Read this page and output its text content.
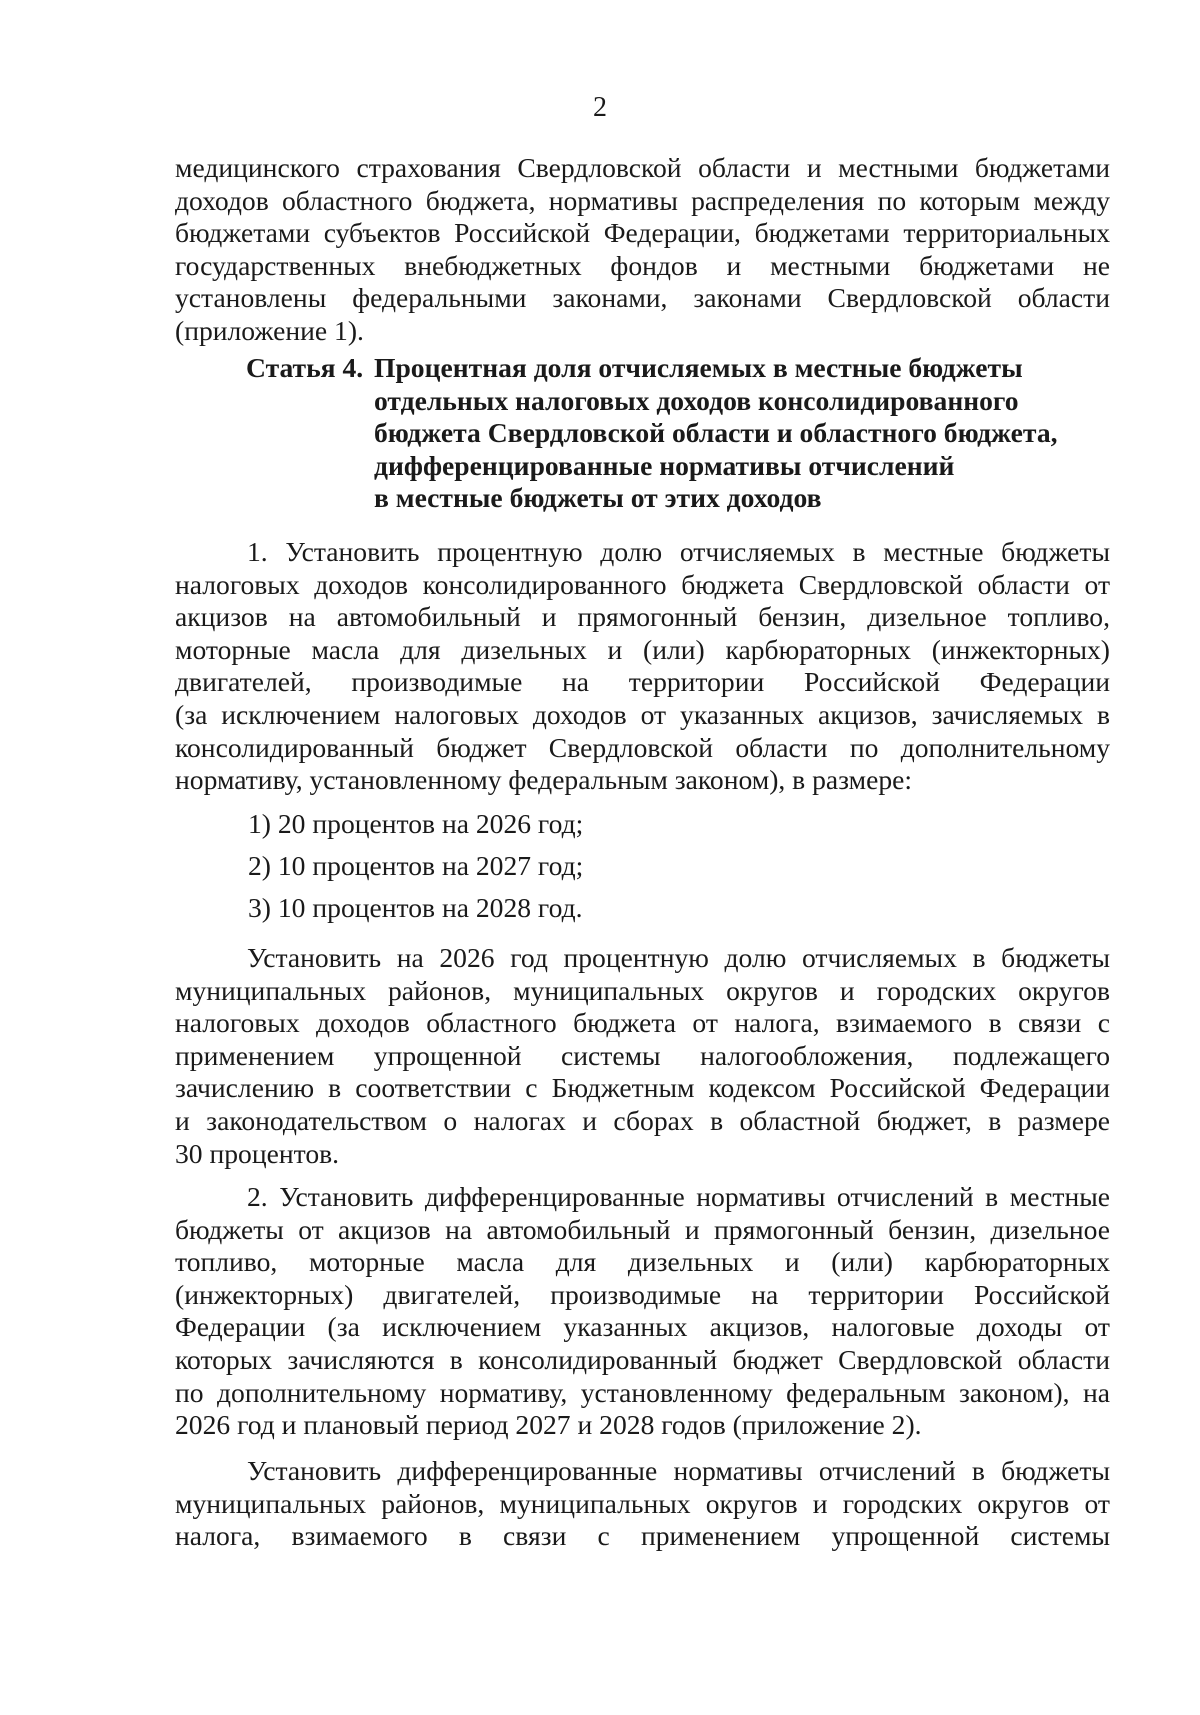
2
медицинского страхования Свердловской области и местными бюджетами
доходов областного бюджета, нормативы распределения по которым между
бюджетами субъектов Российской Федерации, бюджетами территориальных
государственных внебюджетных фондов и местными бюджетами не
установлены федеральными законами, законами Свердловской области
(приложение 1).
Статья 4. Процентная доля отчисляемых в местные бюджеты
отдельных налоговых доходов консолидированного
бюджета Свердловской области и областного бюджета,
дифференцированные нормативы отчислений
в местные бюджеты от этих доходов
1. Установить процентную долю отчисляемых в местные бюджеты
налоговых доходов консолидированного бюджета Свердловской области от
акцизов на автомобильный и прямогонный бензин, дизельное топливо,
моторные масла для дизельных и (или) карбюраторных (инжекторных)
двигателей, производимые на территории Российской Федерации
(за исключением налоговых доходов от указанных акцизов, зачисляемых в
консолидированный бюджет Свердловской области по дополнительному
нормативу, установленному федеральным законом), в размере:
1) 20 процентов на 2026 год;
2) 10 процентов на 2027 год;
3) 10 процентов на 2028 год.
Установить на 2026 год процентную долю отчисляемых в бюджеты
муниципальных районов, муниципальных округов и городских округов
налоговых доходов областного бюджета от налога, взимаемого в связи с
применением упрощенной системы налогообложения, подлежащего
зачислению в соответствии с Бюджетным кодексом Российской Федерации
и законодательством о налогах и сборах в областной бюджет, в размере
30 процентов.
2. Установить дифференцированные нормативы отчислений в местные
бюджеты от акцизов на автомобильный и прямогонный бензин, дизельное
топливо, моторные масла для дизельных и (или) карбюраторных
(инжекторных) двигателей, производимые на территории Российской
Федерации (за исключением указанных акцизов, налоговые доходы от
которых зачисляются в консолидированный бюджет Свердловской области
по дополнительному нормативу, установленному федеральным законом), на
2026 год и плановый период 2027 и 2028 годов (приложение 2).
Установить дифференцированные нормативы отчислений в бюджеты
муниципальных районов, муниципальных округов и городских округов от
налога, взимаемого в связи с применением упрощенной системы
